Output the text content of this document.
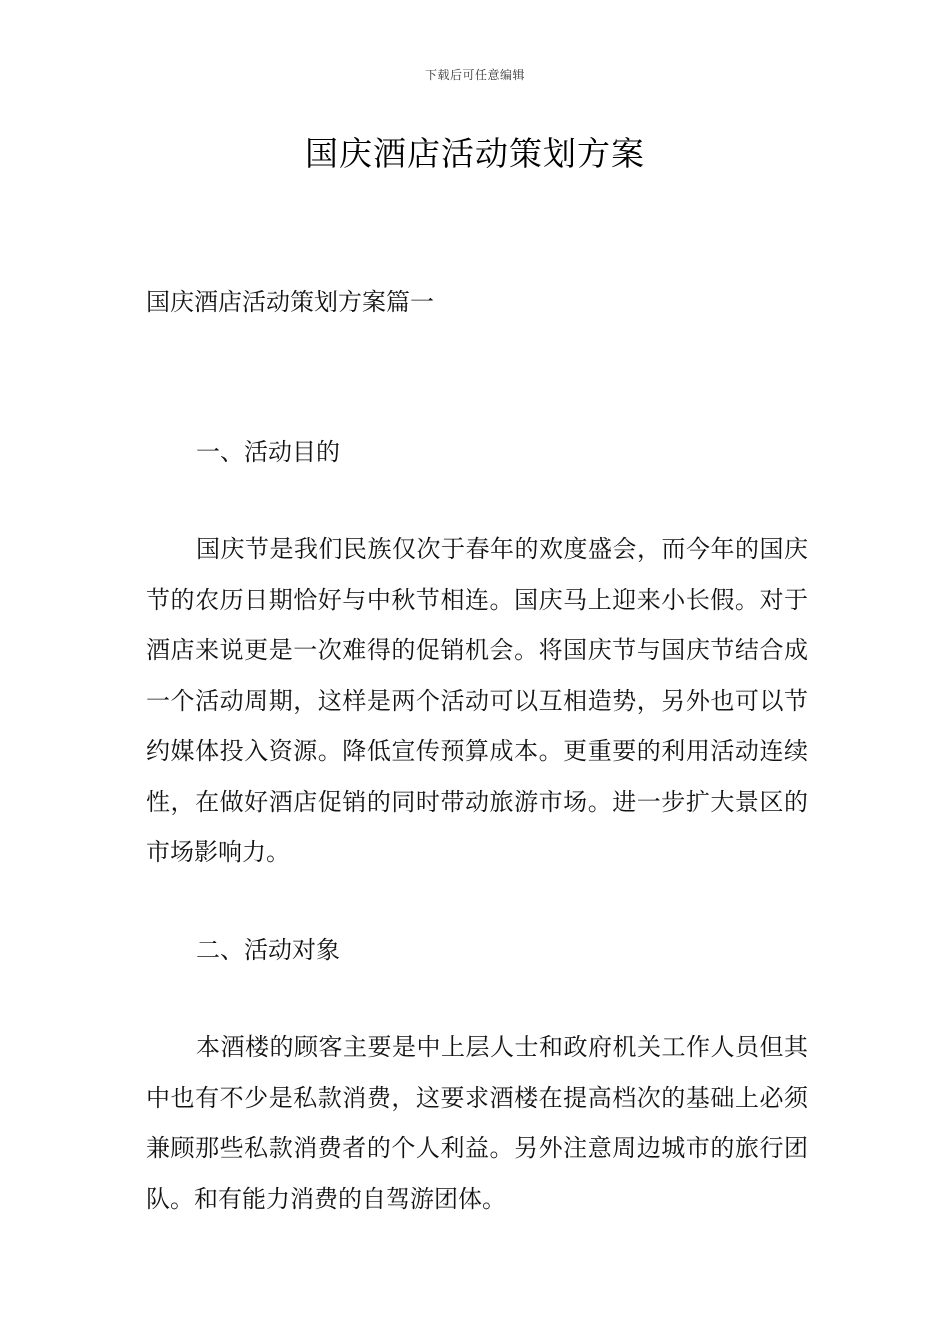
下载后可任意编辑
国庆酒店活动策划方案

国庆酒店活动策划方案篇一

一、活动目的

国庆节是我们民族仅次于春年的欢度盛会，而今年的国庆节的农历日期恰好与中秋节相连。国庆马上迎来小长假。对于酒店来说更是一次难得的促销机会。将国庆节与国庆节结合成一个活动周期，这样是两个活动可以互相造势，另外也可以节约媒体投入资源。降低宣传预算成本。更重要的利用活动连续性，在做好酒店促销的同时带动旅游市场。进一步扩大景区的市场影响力。

二、活动对象

本酒楼的顾客主要是中上层人士和政府机关工作人员但其中也有不少是私款消费，这要求酒楼在提高档次的基础上必须兼顾那些私款消费者的个人利益。另外注意周边城市的旅行团队。和有能力消费的自驾游团体。
